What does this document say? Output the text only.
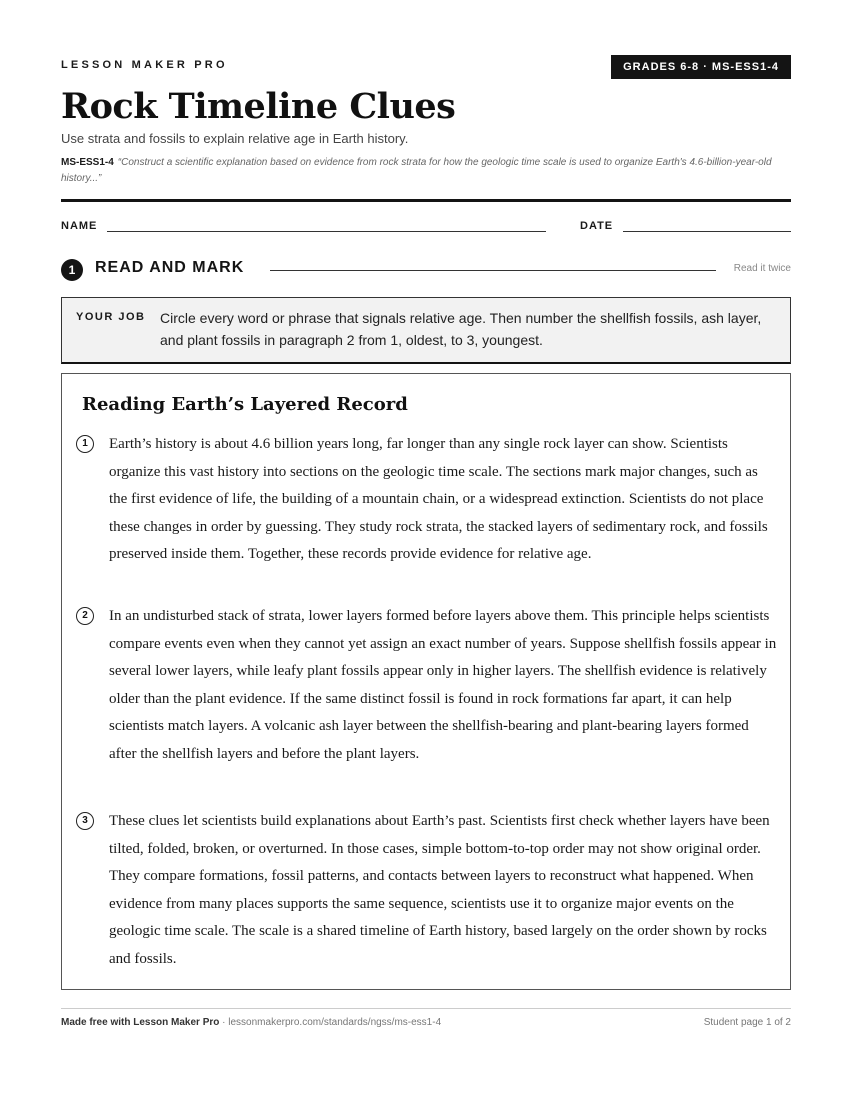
LESSON MAKER PRO	GRADES 6-8 · MS-ESS1-4
Rock Timeline Clues
Use strata and fossils to explain relative age in Earth history.
MS-ESS1-4 “Construct a scientific explanation based on evidence from rock strata for how the geologic time scale is used to organize Earth's 4.6-billion-year-old history...”
NAME	DATE
1	READ AND MARK	Read it twice
YOUR JOB Circle every word or phrase that signals relative age. Then number the shellfish fossils, ash layer, and plant fossils in paragraph 2 from 1, oldest, to 3, youngest.
Reading Earth’s Layered Record
1	Earth’s history is about 4.6 billion years long, far longer than any single rock layer can show. Scientists organize this vast history into sections on the geologic time scale. The sections mark major changes, such as the first evidence of life, the building of a mountain chain, or a widespread extinction. Scientists do not place these changes in order by guessing. They study rock strata, the stacked layers of sedimentary rock, and fossils preserved inside them. Together, these records provide evidence for relative age.

2	In an undisturbed stack of strata, lower layers formed before layers above them. This principle helps scientists compare events even when they cannot yet assign an exact number of years. Suppose shellfish fossils appear in several lower layers, while leafy plant fossils appear only in higher layers. The shellfish evidence is relatively older than the plant evidence. If the same distinct fossil is found in rock formations far apart, it can help scientists match layers. A volcanic ash layer between the shellfish-bearing and plant-bearing layers formed after the shellfish layers and before the plant layers.

3	These clues let scientists build explanations about Earth’s past. Scientists first check whether layers have been tilted, folded, broken, or overturned. In those cases, simple bottom-to-top order may not show original order. They compare formations, fossil patterns, and contacts between layers to reconstruct what happened. When evidence from many places supports the same sequence, scientists use it to organize major events on the geologic time scale. The scale is a shared timeline of Earth history, based largely on the order shown by rocks and fossils.

Made free with Lesson Maker Pro · lessonmakerpro.com/standards/ngss/ms-ess1-4	Student page 1 of 2
